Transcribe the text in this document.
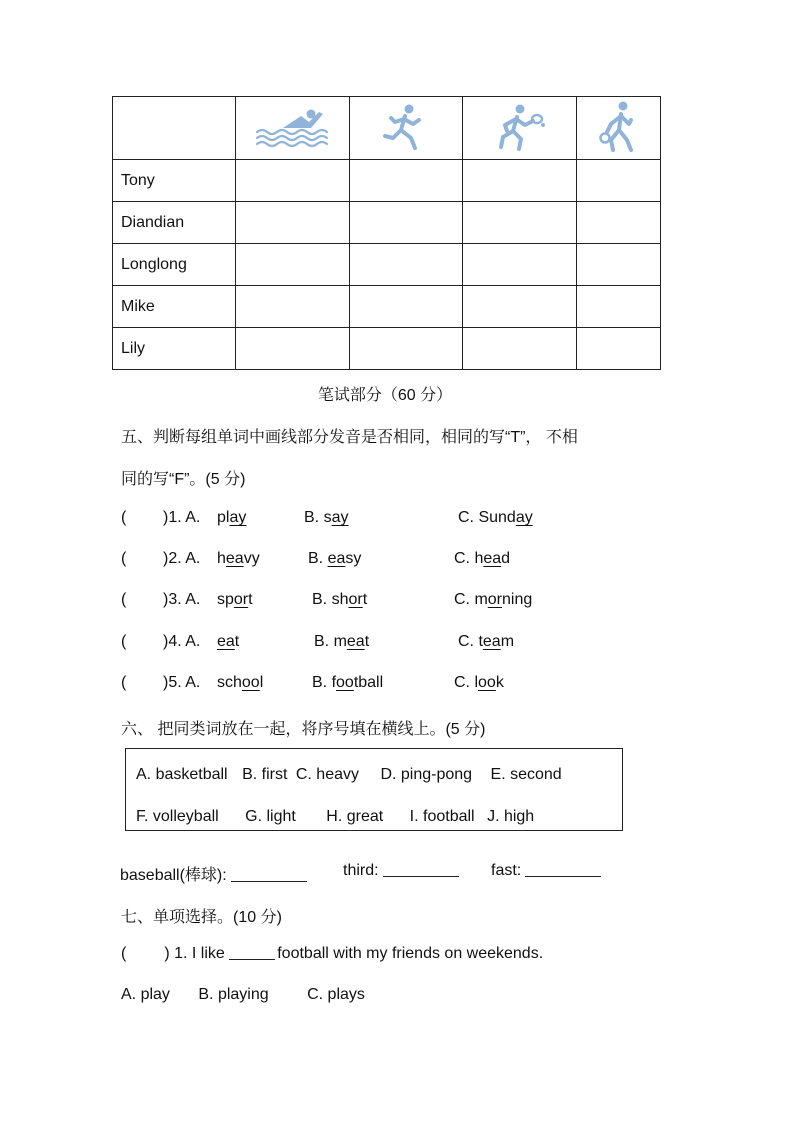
Tony				
Diandian				
Longlong				
Mike				
Lily				
笔试部分（60 分）
五、判断每组单词中画线部分发音是否相同，相同的写“T”， 不相
同的写“F”。(5 分)
( )1. A. play	B. say	C. Sunday
( )2. A. heavy	B. easy	C. head
( )3. A. sport	B. short	C. morning
( )4. A. eat	B. meat	C. team
( )5. A. school	B. football	C. look
六、 把同类词放在一起，将序号填在横线上。(5 分)
A. basketball B. first C. heavy D. ping-pong E. second
F. volleyball G. light H. great I. football J. high
baseball(棒球):	third:	fast:
七、单项选择。(10 分)
( ) 1. I like	football with my friends on weekends.
A. play B. playing C. plays
